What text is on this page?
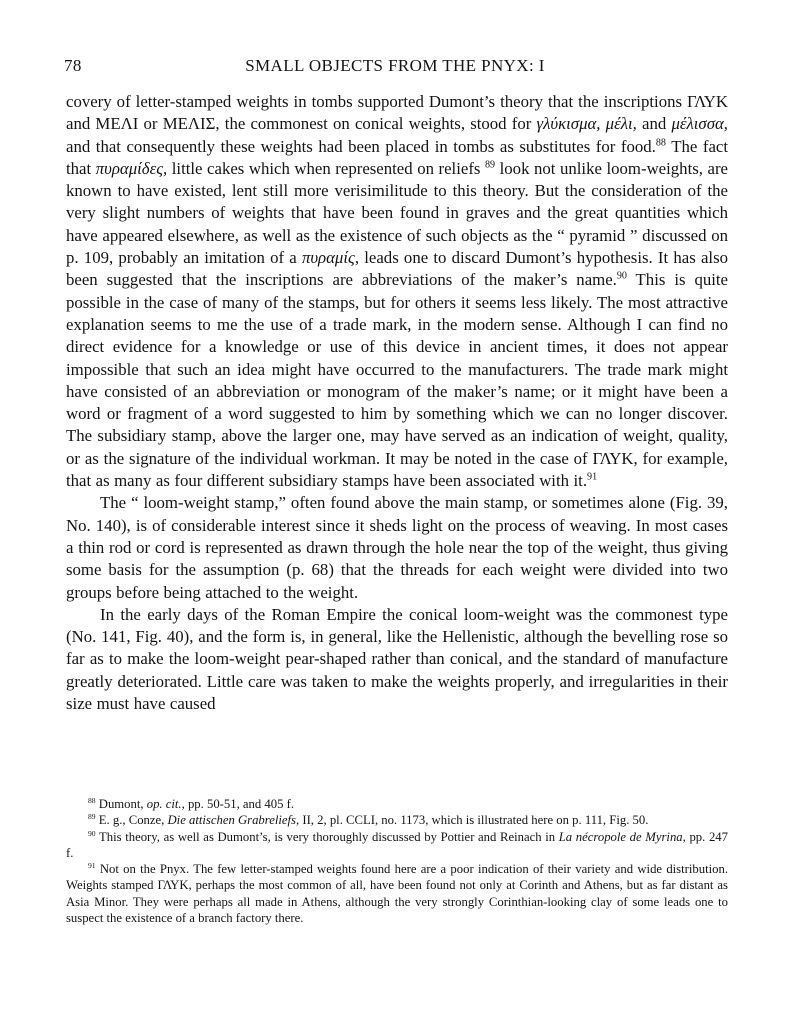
78	SMALL OBJECTS FROM THE PNYX: I

covery of letter-stamped weights in tombs supported Dumont’s theory that the inscriptions ΓΛΥΚ and ΜΕΛΙ or ΜΕΛΙΣ, the commonest on conical weights, stood for γλύκισμα, μέλι, and μέλισσα, and that consequently these weights had been placed in tombs as substitutes for food.$^{88}$ The fact that πυραμίδες, little cakes which when represented on reliefs $^{89}$ look not unlike loom-weights, are known to have existed, lent still more verisimilitude to this theory. But the consideration of the very slight numbers of weights that have been found in graves and the great quantities which have appeared elsewhere, as well as the existence of such objects as the “ pyramid ” discussed on p. 109, probably an imitation of a πυραμίς, leads one to discard Dumont’s hypothesis. It has also been suggested that the inscriptions are abbreviations of the maker’s name.$^{90}$ This is quite possible in the case of many of the stamps, but for others it seems less likely. The most attractive explanation seems to me the use of a trade mark, in the modern sense. Although I can find no direct evidence for a knowledge or use of this device in ancient times, it does not appear impossible that such an idea might have occurred to the manufacturers. The trade mark might have consisted of an abbreviation or monogram of the maker’s name; or it might have been a word or fragment of a word suggested to him by something which we can no longer discover. The subsidiary stamp, above the larger one, may have served as an indication of weight, quality, or as the signature of the individual workman. It may be noted in the case of ΓΛΥΚ, for example, that as many as four different subsidiary stamps have been associated with it.$^{91}$

The “ loom-weight stamp,” often found above the main stamp, or sometimes alone (Fig. 39, No. 140), is of considerable interest since it sheds light on the process of weaving. In most cases a thin rod or cord is represented as drawn through the hole near the top of the weight, thus giving some basis for the assumption (p. 68) that the threads for each weight were divided into two groups before being attached to the weight.

In the early days of the Roman Empire the conical loom-weight was the commonest type (No. 141, Fig. 40), and the form is, in general, like the Hellenistic, although the bevelling rose so far as to make the loom-weight pear-shaped rather than conical, and the standard of manufacture greatly deteriorated. Little care was taken to make the weights properly, and irregularities in their size must have caused

$^{88}$ Dumont, op. cit., pp. 50-51, and 405 f.

$^{89}$ E. g., Conze, Die attischen Grabreliefs, II, 2, pl. CCLI, no. 1173, which is illustrated here on p. 111, Fig. 50.

$^{90}$ This theory, as well as Dumont’s, is very thoroughly discussed by Pottier and Reinach in La nécropole de Myrina, pp. 247 f.

$^{91}$ Not on the Pnyx. The few letter-stamped weights found here are a poor indication of their variety and wide distribution. Weights stamped ΓΛΥΚ, perhaps the most common of all, have been found not only at Corinth and Athens, but as far distant as Asia Minor. They were perhaps all made in Athens, although the very strongly Corinthian-looking clay of some leads one to suspect the existence of a branch factory there.
